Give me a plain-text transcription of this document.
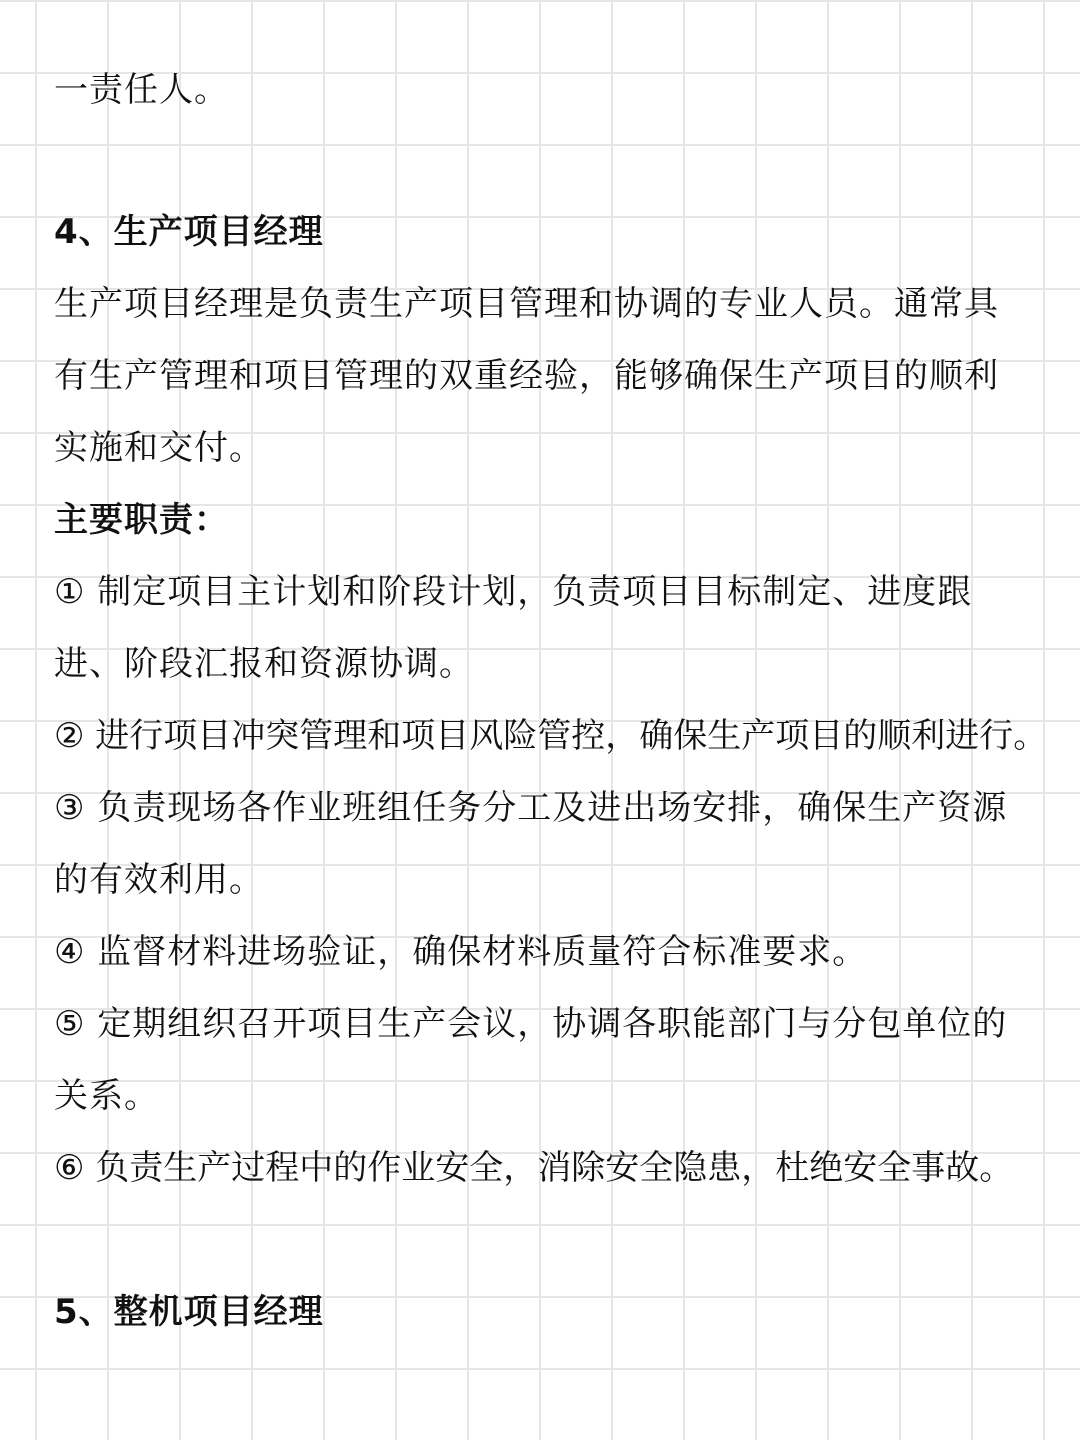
一责任人。
4、生产项目经理
生产项目经理是负责生产项目管理和协调的专业人员。通常具
有生产管理和项目管理的双重经验，能够确保生产项目的顺利
实施和交付。
主要职责：
① 制定项目主计划和阶段计划，负责项目目标制定、进度跟
进、阶段汇报和资源协调。
② 进行项目冲突管理和项目风险管控，确保生产项目的顺利进行。
③ 负责现场各作业班组任务分工及进出场安排，确保生产资源
的有效利用。
④ 监督材料进场验证，确保材料质量符合标准要求。
⑤ 定期组织召开项目生产会议，协调各职能部门与分包单位的
关系。
⑥ 负责生产过程中的作业安全，消除安全隐患，杜绝安全事故。
5、整机项目经理
